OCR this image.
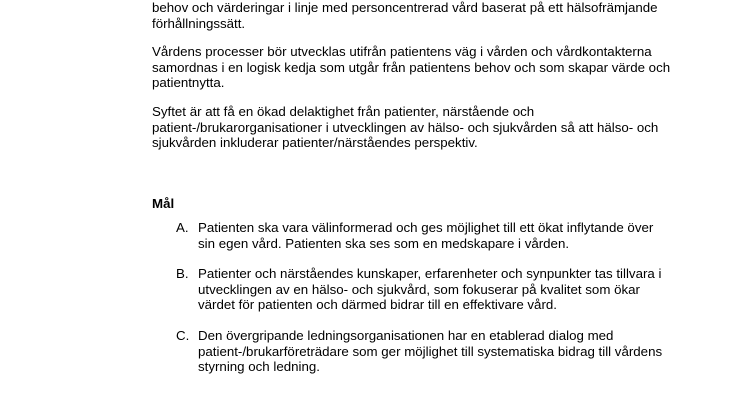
behov och värderingar i linje med personcentrerad vård baserat på ett hälsofrämjande förhållningssätt.

Vårdens processer bör utvecklas utifrån patientens väg i vården och vårdkontakterna samordnas i en logisk kedja som utgår från patientens behov och som skapar värde och patientnytta.

Syftet är att få en ökad delaktighet från patienter, närstående och patient-/brukarorganisationer i utvecklingen av hälso- och sjukvården så att hälso- och sjukvården inkluderar patienter/närståendes perspektiv.

Mål
A. Patienten ska vara välinformerad och ges möjlighet till ett ökat inflytande över sin egen vård. Patienten ska ses som en medskapare i vården.
B. Patienter och närståendes kunskaper, erfarenheter och synpunkter tas tillvara i utvecklingen av en hälso- och sjukvård, som fokuserar på kvalitet som ökar värdet för patienten och därmed bidrar till en effektivare vård.
C. Den övergripande ledningsorganisationen har en etablerad dialog med patient-/brukarföreträdare som ger möjlighet till systematiska bidrag till vårdens styrning och ledning.
